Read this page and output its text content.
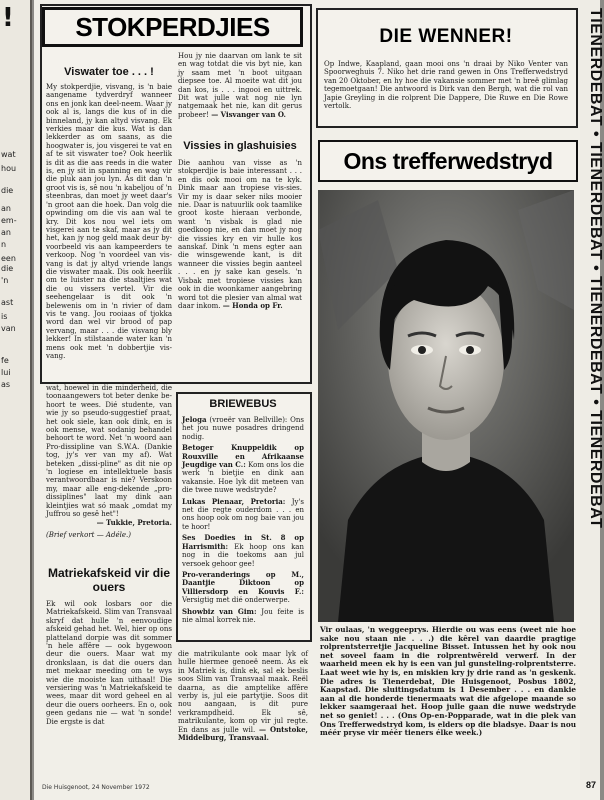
!
wat
hou
die
an
em-
an
een
die
n
'n
ast
is
van
fe
lui
as
STOKPERDJIES
Viswater toe . . . !
My stokperdjie, visvang, is 'n baie aangename tydverdryf wanneer ons en jonk kan deel-neem. Waar jy ook al is, langs die kus of in die binneland, jy kan altyd visvang. Ek verkies maar die kus. Wat is dan lekkerder as om saans, as die hoogwater is, jou visgerei te vat en af te sit viswater toe? Ook heerlik is dit as die aas reeds in die water is, en jy sit in spanning en wag vir die pluk aan jou lyn. As dit dan 'n groot vis is, sê nou 'n kabeljou of 'n steenbras, dan moet jy weet daar's 'n groot aan die hoek. Dan volg die opwinding om die vis aan wal te kry. Dit kos nou wel iets om visgerei aan te skaf, maar as jy dit het, kan jy nog geld maak deur by-voorbeeld vis aan kampeerders te verkoop. Nog 'n voordeel van vis-vang is dat jy altyd vriende langs die viswater maak. Dis ook heerlik om te luister na die staaltjies wat die ou vissers vertel. Vir die seehengelaar is dit ook 'n belewenis om in 'n rivier of dam vis te vang. Jou rooiaas of tjokka word dan wel vir brood of pap vervang, maar . . . die visvang bly lekker! In stilstaande water kan 'n mens ook met 'n dobbertjie vis-vang.
Hou jy nie daarvan om lank te sit en wag totdat die vis byt nie, kan jy saam met 'n boot uitgaan diepsee toe. Al moeite wat dit jou dan kos, is . . . ingooi en uittrek. Dit wat julle wat nog nie lyn natgemaak het nie, kan dit gerus probeer! — Visvanger van O.
Vissies in glashuisies
Die aanhou van visse as 'n stokperdjie is baie interessant . . . en dis ook mooi om na te kyk. Dink maar aan tropiese vis-sies. Vir my is daar seker niks mooier nie. Daar is natuurlik ook taamlike groot koste hieraan verbonde, want 'n visbak is glad nie goedkoop nie, en dan moet jy nog die vissies kry en vir hulle kos aanskaf. Dink 'n mens egter aan die winsgewende kant, is dit wanneer die vissies begin aanteel . . . en jy sake kan gesels. 'n Visbak met tropiese vissies kan ook in die woonkamer aangebring word tot die plesier van almal wat daar inkom. — Honda op Fr.
wat, hoewel in die minderheid, die toonaangewers tot beter denke be-hoort te wees. Dié studente, van wie jy so pseudo-suggestief praat, het ook siele, kan ook dink, en is ook mense, wat sodanig behandel behoort te word. Net 'n woord aan Pro-dissipline van S.W.A. (Dankie tog, jy's ver van my af). Wat beteken „dissi-pline" as dit nie op 'n logiese en intellektuele basis verantwoordbaar is nie? Verskoon my, maar alle eng-dekende „pro-dissiplines" laat my dink aan kleintjies wat só maak „omdat my Juffrou so gesê het"!
— Tukkie, Pretoria.
(Brief verkort — Adéle.)
Matriekafskeid vir die ouers
Ek wil ook losbars oor die Matriekafskeid. Slim van Transvaal skryf dat hulle 'n eenvoudige afskeid gehad het. Wel, hier op ons platteland dorpie was dit sommer 'n hele affêre — ook bygewoon deur die ouers. Maar wat my dronkslaan, is dat die ouers dan met mekaar meeding om te wys wie die mooiste kan uithaal! Die versiering was 'n Matriekafskeid te wees, maar dit word geheel en al deur die ouers oorheers. En o, ook geen gedans nie — wat 'n sonde! Die ergste is dat
die matrikulante ook maar lyk of hulle hiermee genoeë neem. As ek in Matriek is, dink ek, sal ek beslis soos Slim van Transvaal maak. Reël daarna, as die amptelike affêre verby is, jul eie partytjie. Soos dit nou aangaan, is dit pure verkrampdheid. Ek sê, matrikulante, kom op vir jul regte. En dans as julle wil. — Ontstoke, Middelburg, Transvaal.
BRIEWEBUS
Jeloga (vroeër van Bellville): Ons het jou nuwe posadres dringend nodig.
Betoger Knuppeldik op Rouxville en Afrikaanse Jeugdige van C.: Kom ons los die werk 'n bietjie en dink aan vakansie. Hoe lyk dit meteen van die twee nuwe wedstryde?
Lukas Pienaar, Pretoria: Jy's net die regte ouderdom . . . en ons hoop ook om nog baie van jou te hoor!
Ses Doedies in St. 8 op Harrismith: Ek hoop ons kan nog in die toekoms aan jul versoek gehoor gee!
Pro-veranderings op M., Daantjie Diktoon op Villiersdorp en Kouvis F.: Versigtig met dié onderwerpe.
Showbiz van Gim: Jou feite is nie almal korrek nie.
DIE WENNER!
Op Indwe, Kaapland, gaan mooi ons 'n draai by Niko Venter van Spoorweghuis 7. Niko het drie rand gewen in Ons Trefferwedstryd van 20 Oktober, en hy hoe die vakansie sommer met 'n breë glimlag tegemoetgaan! Die antwoord is Dirk van den Bergh, wat die rol van Japie Greyling in die rolprent Die Dappere, Die Ruwe en Die Rowe vertolk.
Ons trefferwedstryd
Vir oulaas, 'n weggeeprys. Hierdie ou was eens (weet nie hoe sake nou staan nie . . .) die kêrel van daardie pragtige rolprentsterretjie Jacqueline Bisset. Intussen het hy ook nou net soveel faam in die rolprentwêreld verwerf. In der waarheid meen ek hy is een van jul gunsteling-rolprentsterre. Laat weet wie hy is, en miskien kry jy drie rand as 'n geskenk. Die adres is Tienerdebat, Die Huisgenoot, Posbus 1802, Kaapstad. Die sluitingsdatum is 1 Desember . . . en dankie aan al die honderde tienermaats wat die afgelope maande so lekker saamgeraai het. Hoop julle gaan die nuwe wedstryde net so geniet! . . . (Ons Op-en-Popparade, wat in die plek van Ons Trefferwedstryd kom, is elders op die bladsye. Daar is nou méér pryse vir méér tieners élke week.)
TIENERDEBAT • TIENERDEBAT • TIENERDEBAT • TIENERDEBAT
Die Huisgenoot, 24 November 1972	87
